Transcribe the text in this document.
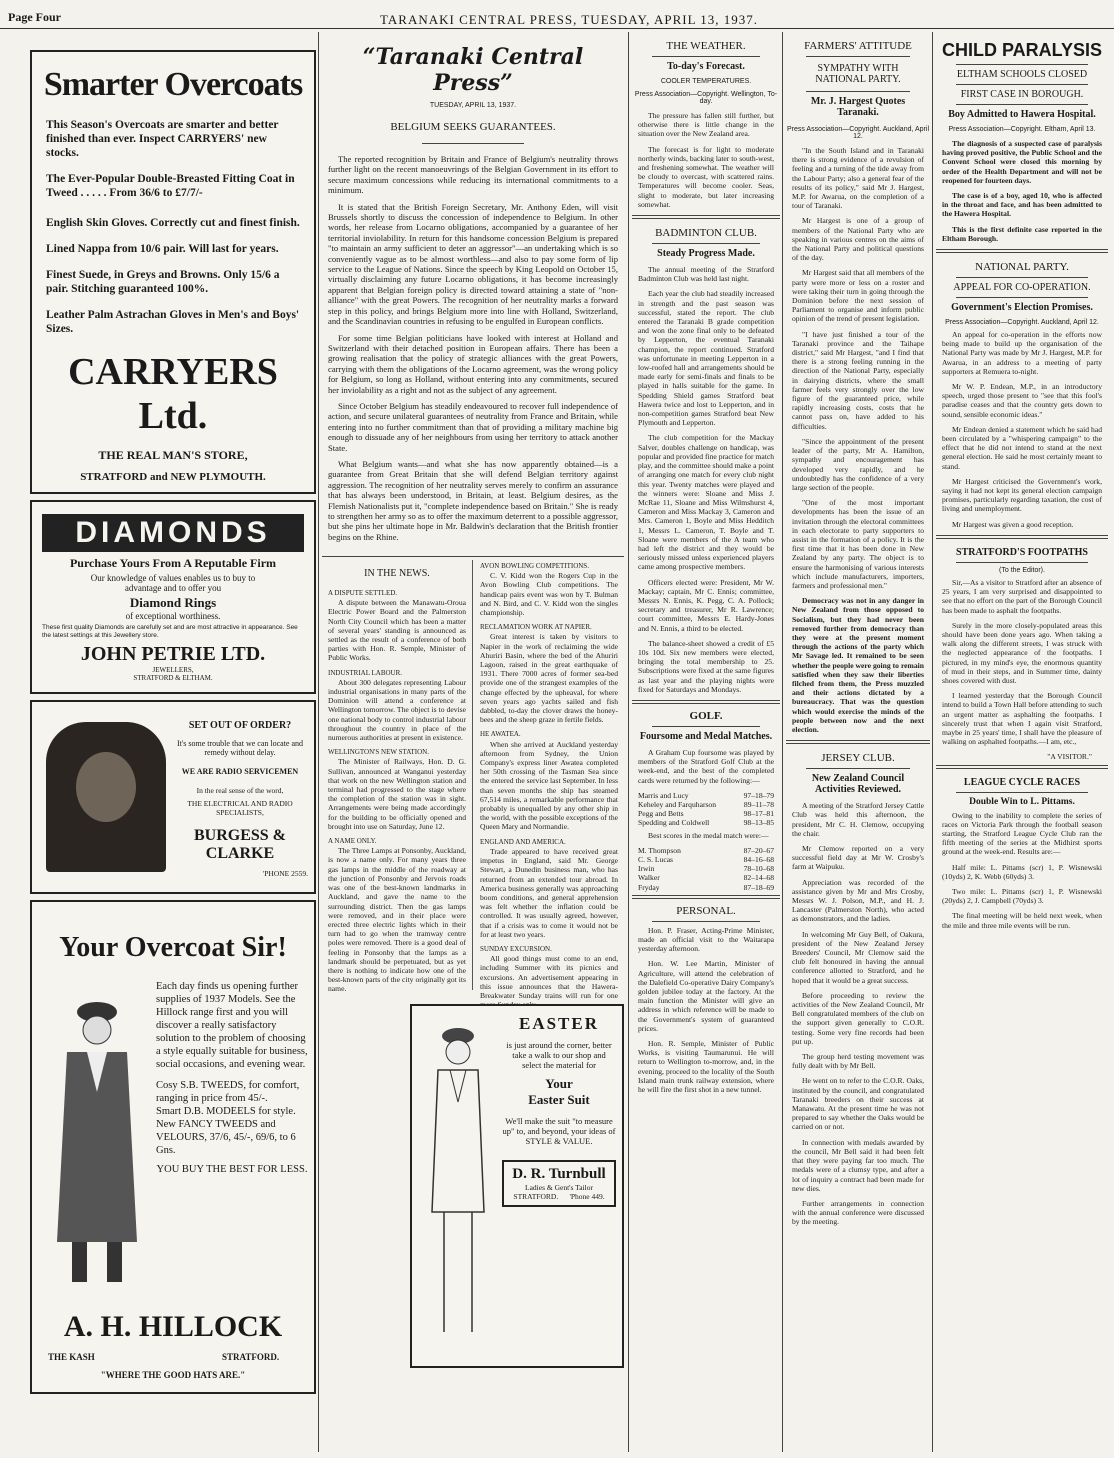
Page Four	TARANAKI CENTRAL PRESS, TUESDAY, APRIL 13, 1937.
Smarter Overcoats
This Season's Overcoats are smarter and better finished than ever. Inspect CARRYERS' new stocks.
The Ever-Popular Double-Breasted Fitting Coat in Tweed . . . . . From 36/6 to £7/7/-
English Skin Gloves. Correctly cut and finest finish.
Lined Nappa from 10/6 pair. Will last for years.
Finest Suede, in Greys and Browns. Only 15/6 a pair. Stitching guaranteed 100%.
Leather Palm Astrachan Gloves in Men's and Boys' Sizes.
CARRYERS Ltd.
THE REAL MAN'S STORE,
STRATFORD and NEW PLYMOUTH.
DIAMONDS
Purchase Yours From A Reputable Firm
Our knowledge of values enables us to buy to advantage and to offer you
Diamond Rings
of exceptional worthiness.
These first quality Diamonds are carefully set and are most attractive in appearance. See the latest settings at this Jewellery store.
JOHN PETRIE LTD.
JEWELLERS,
STRATFORD & ELTHAM.
SET OUT OF ORDER?
It's some trouble that we can locate and remedy without delay.
WE ARE RADIO SERVICEMEN
In the real sense of the word,
THE ELECTRICAL AND RADIO SPECIALISTS,
BURGESS & CLARKE
'PHONE 2559.
Your Overcoat Sir!
Each day finds us opening further supplies of 1937 Models. See the Hillock range first and you will discover a really satisfactory solution to the problem of choosing a style equally suitable for business, social occasions, and evening wear.
Cosy S.B. TWEEDS, for comfort, ranging in price from 45/-.
Smart D.B. MODEELS for style.
New FANCY TWEEDS and VELOURS, 37/6, 45/-, 69/6, to 6 Gns.
YOU BUY THE BEST FOR LESS.
A. H. HILLOCK
THE KASH	STRATFORD.
"WHERE THE GOOD HATS ARE."
“Taranaki Central Press”
TUESDAY, APRIL 13, 1937.
BELGIUM SEEKS GUARANTEES.

The reported recognition by Britain and France of Belgium's neutrality throws further light on the recent manoeuvrings of the Belgian Government in its effort to secure maximum concessions while reducing its international commitments to a minimum.

It is stated that the British Foreign Secretary, Mr. Anthony Eden, will visit Brussels shortly to discuss the concession of independence to Belgium. In other words, her release from Locarno obligations, accompanied by a guarantee of her territorial inviolability. In return for this handsome concession Belgium is prepared "to maintain an army sufficient to deter an aggressor"—an undertaking which is so conveniently vague as to be almost worthless—and also to pay some form of lip service to the League of Nations. Since the speech by King Leopold on October 15, virtually disclaiming any future Locarno obligations, it has become increasingly apparent that Belgian foreign policy is directed toward attaining a state of "non-alliance" with the great Powers. The recognition of her neutrality marks a forward step in this policy, and brings Belgium more into line with Holland, Switzerland, and the Scandinavian countries in refusing to be engulfed in European conflicts.

For some time Belgian politicians have looked with interest at Holland and Switzerland with their detached position in European affairs. There has been a growing realisation that the policy of strategic alliances with the great Powers, carrying with them the obligations of the Locarno agreement, was the wrong policy for Belgium, so long as Holland, without entering into any commitments, secured her inviolability as a right and not as the subject of any agreement.

Since October Belgium has steadily endeavoured to recover full independence of action, and secure unilateral guarantees of neutrality from France and Britain, while entering into no further commitment than that of providing a military machine big enough to dissuade any of her neighbours from using her territory to attack another State.

What Belgium wants—and what she has now apparently obtained—is a guarantee from Great Britain that she will defend Belgian territory against aggression. The recognition of her neutrality serves merely to confirm an assurance that has always been understood, in Britain, at least. Belgium desires, as the Flemish Nationalists put it, "complete independence based on Britain." She is ready to strengthen her army so as to offer the maximum deterrent to a possible aggressor, but she pins her ultimate hope in Mr. Baldwin's declaration that the British frontier begins on the Rhine.

IN THE NEWS.
A DISPUTE SETTLED.

A dispute between the Manawatu-Oroua Electric Power Board and the Palmerston North City Council which has been a matter of several years' standing is announced as settled as the result of a conference of both parties with Hon. R. Semple, Minister of Public Works.

INDUSTRIAL LABOUR.

About 300 delegates representing Labour industrial organisations in many parts of the Dominion will attend a conference at Wellington tomorrow. The object is to devise one national body to control industrial labour throughout the country in place of the numerous authorities at present in existence.

WELLINGTON'S NEW STATION.

The Minister of Railways, Hon. D. G. Sullivan, announced at Wanganui yesterday that work on the new Wellington station and terminal had progressed to the stage where the completion of the station was in sight. Arrangements were being made accordingly for the building to be officially opened and brought into use on Saturday, June 12.

A NAME ONLY.

The Three Lamps at Ponsonby, Auckland, is now a name only. For many years three gas lamps in the middle of the roadway at the junction of Ponsonby and Jervois roads was one of the best-known landmarks in Auckland, and gave the name to the surrounding district. Then the gas lamps were removed, and in their place were erected three electric lights which in their turn had to go when the tramway centre poles were removed. There is a good deal of feeling in Ponsonby that the lamps as a landmark should be perpetuated, but as yet there is nothing to indicate how one of the best-known parts of the city originally got its name.

AVON BOWLING COMPETITIONS.

C. V. Kidd won the Rogers Cup in the Avon Bowling Club competitions. The handicap pairs event was won by T. Bulman and N. Bird, and C. V. Kidd won the singles championship.

RECLAMATION WORK AT NAPIER.

Great interest is taken by visitors to Napier in the work of reclaiming the wide Ahuriri Basin, where the bed of the Ahuriri Lagoon, raised in the great earthquake of 1931. There 7000 acres of former sea-bed provide one of the strangest examples of the change effected by the upheaval, for where seven years ago yachts sailed and fish dabbled, to-day the clover draws the honey-bees and the sheep graze in fertile fields.

HE AWATEA.

When she arrived at Auckland yesterday afternoon from Sydney, the Union Company's express liner Awatea completed her 50th crossing of the Tasman Sea since the entered the service last September. In less than seven months the ship has steamed 67,514 miles, a remarkable performance that probably is unequalled by any other ship in the world, with the possible exceptions of the Queen Mary and Normandie.

ENGLAND AND AMERICA.

Trade appeared to have received great impetus in England, said Mr. George Stewart, a Dunedin business man, who has returned from an extended tour abroad. In America business generally was approaching boom conditions, and general apprehension was felt whether the inflation could be controlled. It was usually agreed, however, that if a crisis was to come it would not be for at least two years.

SUNDAY EXCURSION.

All good things must come to an end, including Summer with its picnics and excursions. An advertisement appearing in this issue announces that the Hawera-Breakwater Sunday trains will run for one

EASTER
is just around the corner, better take a walk to our shop and select the material for
Your
Easter Suit
We'll make the suit "to measure up" to, and beyond, your ideas of STYLE & VALUE.
D. R. Turnbull
Ladies & Gent's Tailor
STRATFORD.      'Phone 449.
THE WEATHER.
To-day's Forecast.
COOLER TEMPERATURES.
Press Association—Copyright. Wellington, To-day.

The pressure has fallen still further, but otherwise there is little change in the situation over the New Zealand area.

The forecast is for light to moderate northerly winds, backing later to south-west, and freshening somewhat. The weather will be cloudy to overcast, with scattered rains. Temperatures will become cooler. Seas, slight to moderate, but later increasing somewhat.

BADMINTON CLUB.
Steady Progress Made.

The annual meeting of the Stratford Badminton Club was held last night.

Each year the club had steadily increased in strength and the past season was successful, stated the report. The club entered the Taranaki B grade competition and won the zone final only to be defeated by Lepperton, the eventual Taranaki champion, the report continued. Stratford was unfortunate in meeting Lepperton in a low-roofed hall and arrangements should be made early for semi-finals and finals to be played in halls suitable for the game. In Spedding Shield games Stratford beat Hawera twice and lost to Lepperton, and in non-competition games Stratford beat New Plymouth and Lepperton.

The club competition for the Mackay Salver, doubles challenge on handicap, was popular and provided fine practice for match play, and the committee should make a point of arranging one match for every club night this year. Twenty matches were played and the winners were: Sloane and Miss J. McRae 11, Sloane and Miss Wilmshurst 4, Cameron and Miss Mackay 3, Cameron and Mrs. Cameron 1, Boyle and Miss Hedditch 1, Messrs L. Cameron, T. Boyle and T. Sloane were members of the A team who had left the district and they would be seriously missed unless experienced players came among prospective members.

Officers elected were: President, Mr W. Mackay; captain, Mr C. Ennis; committee, Messrs N. Ennis, K. Pegg, C. A. Pollock; secretary and treasurer, Mr R. Lawrence; court committee, Messrs E. Hardy-Jones and N. Ennis, a third to be elected.

The balance-sheet showed a credit of £5 10s 10d. Six new members were elected, bringing the total membership to 25. Subscriptions were fixed at the same figures as last year and the playing nights were fixed for Saturdays and Mondays.

GOLF.
Foursome and Medal Matches.

A Graham Cup foursome was played by members of the Stratford Golf Club at the week-end, and the best of the completed cards were returned by the following:—

Marris and Lucy	97–18–79
Keheley and Farquharson	89–11–78
Pegg and Betts	98–17–81
Spedding and Coldwell	98–13–85

Best scores in the medal match were:—

M. Thompson	87–20–67
C. S. Lucas	84–16–68
Irwin	78–10–68
Walker	82–14–68
Fryday	87–18–69
PERSONAL.

Hon. P. Fraser, Acting-Prime Minister, made an official visit to the Waitarapa yesterday afternoon.

Hon. W. Lee Martin, Minister of Agriculture, will attend the celebration of the Dalefield Co-operative Dairy Company's golden jubilee today at the factory. At the main function the Minister will give an address in which reference will be made to the Government's system of guaranteed prices.

Hon. R. Semple, Minister of Public Works, is visiting Taumarunui. He will return to Wellington to-morrow, and, in the evening, proceed to the locality of the South Island main trunk railway extension, where he will fire the first shot in a new tunnel.

FARMERS' ATTITUDE
SYMPATHY WITH NATIONAL PARTY.
Mr. J. Hargest Quotes Taranaki.
Press Association—Copyright. Auckland, April 12.

"In the South Island and in Taranaki there is strong evidence of a revulsion of feeling and a turning of the tide away from the Labour Party; also a general fear of the results of its policy," said Mr J. Hargest, M.P. for Awarua, on the completion of a tour of Taranaki.

Mr Hargest is one of a group of members of the National Party who are speaking in various centres on the aims of the National Party and political questions of the day.

Mr Hargest said that all members of the party were more or less on a roster and were taking their turn in going through the Dominion before the next session of Parliament to organise and inform public opinion of the trend of present legislation.

"I have just finished a tour of the Taranaki province and the Taihape district," said Mr Hargest, "and I find that there is a strong feeling running in the direction of the National Party, especially in dairying districts, where the small farmer feels very strongly over the low figure of the guaranteed price, while rapidly increasing costs, costs that he cannot pass on, have added to his difficulties.

"Since the appointment of the present leader of the party, Mr A. Hamilton, sympathy and encouragement has developed very rapidly, and he undoubtedly has the confidence of a very large section of the people.

"One of the most important developments has been the issue of an invitation through the electoral committees in each electorate to party supporters to assist in the formation of a policy. It is the first time that it has been done in New Zealand by any party. The object is to ensure the harmonising of various interests which include manufacturers, importers, farmers and professional men."

Democracy was not in any danger in New Zealand from those opposed to Socialism, but they had never been removed further from democracy than they were at the present moment through the actions of the party which Mr Savage led. It remained to be seen whether the people were going to remain satisfied when they saw their liberties filched from them, the Press muzzled and their actions dictated by a bureaucracy. That was the question which would exercise the minds of the people between now and the next election.

JERSEY CLUB.
New Zealand Council Activities Reviewed.

A meeting of the Stratford Jersey Cattle Club was held this afternoon, the president, Mr C. H. Clemow, occupying the chair.

Mr Clemow reported on a very successful field day at Mr W. Crosby's farm at Waipuku.

Appreciation was recorded of the assistance given by Mr and Mrs Crosby, Messrs W. J. Polson, M.P., and H. J. Lancaster (Palmerston North), who acted as demonstrators, and the ladies.

In welcoming Mr Guy Bell, of Oakura, president of the New Zealand Jersey Breeders' Council, Mr Clemow said the club felt honoured in having the annual conference allotted to Stratford, and he hoped that it would be a great success.

Before proceeding to review the activities of the New Zealand Council, Mr Bell congratulated members of the club on the support given generally to C.O.R. testing. Some very fine records had been put up.

The group herd testing movement was fully dealt with by Mr Bell.

He went on to refer to the C.O.R. Oaks, instituted by the council, and congratulated Taranaki breeders on their success at Manawatu. At the present time he was not prepared to say whether the Oaks would be carried on or not.

In connection with medals awarded by the council, Mr Bell said it had been felt that they were paying far too much. The medals were of a clumsy type, and after a lot of inquiry a contract had been made for new dies.

Further arrangements in connection with the annual conference were discussed by the meeting.

CHILD PARALYSIS
ELTHAM SCHOOLS CLOSED
FIRST CASE IN BOROUGH.
Boy Admitted to Hawera Hospital.
Press Association—Copyright. Eltham, April 13.

The diagnosis of a suspected case of paralysis having proved positive, the Public School and the Convent School were closed this morning by order of the Health Department and will not be reopened for fourteen days.

The case is of a boy, aged 10, who is affected in the throat and face, and has been admitted to the Hawera Hospital.

This is the first definite case reported in the Eltham Borough.

NATIONAL PARTY.
APPEAL FOR CO-OPERATION.
Government's Election Promises.
Press Association—Copyright. Auckland, April 12.

An appeal for co-operation in the efforts now being made to build up the organisation of the National Party was made by Mr J. Hargest, M.P. for Awarua, in an address to a meeting of party supporters at Remuera to-night.

Mr W. P. Endean, M.P., in an introductory speech, urged those present to "see that this fool's paradise ceases and that the country gets down to sound, sensible economic ideas."

Mr Endean denied a statement which he said had been circulated by a "whispering campaign" to the effect that he did not intend to stand at the next general election. He said he most certainly meant to stand.

Mr Hargest criticised the Government's work, saying it had not kept its general election campaign promises, particularly regarding taxation, the cost of living and unemployment.

Mr Hargest was given a good reception.

STRATFORD'S FOOTPATHS
(To the Editor).

Sir,—As a visitor to Stratford after an absence of 25 years, I am very surprised and disappointed to see that no effort on the part of the Borough Council has been made to asphalt the footpaths.

Surely in the more closely-populated areas this should have been done years ago. When taking a walk along the different streets, I was struck with the neglected appearance of the footpaths. I pictured, in my mind's eye, the enormous quantity of mud in their steps, and in Summer time, dainty shoes covered with dust.

I learned yesterday that the Borough Council intend to build a Town Hall before attending to such an urgent matter as asphalting the footpaths. I sincerely trust that when I again visit Stratford, maybe in 25 years' time, I shall have the pleasure of walking on asphalted footpaths.—I am, etc.,

"A VISITOR."
LEAGUE CYCLE RACES
Double Win to L. Pittams.

Owing to the inability to complete the series of races on Victoria Park through the football season starting, the Stratford League Cycle Club ran the fifth meeting of the series at the Midhirst sports ground at the week-end. Results are:—

Half mile: L. Pittams (scr) 1, P. Wisnewski (10yds) 2, K. Webb (60yds) 3.

Two mile: L. Pittams (scr) 1, P. Wisnewski (20yds) 2, J. Campbell (70yds) 3.

The final meeting will be held next week, when the mile and three mile events will be run.
